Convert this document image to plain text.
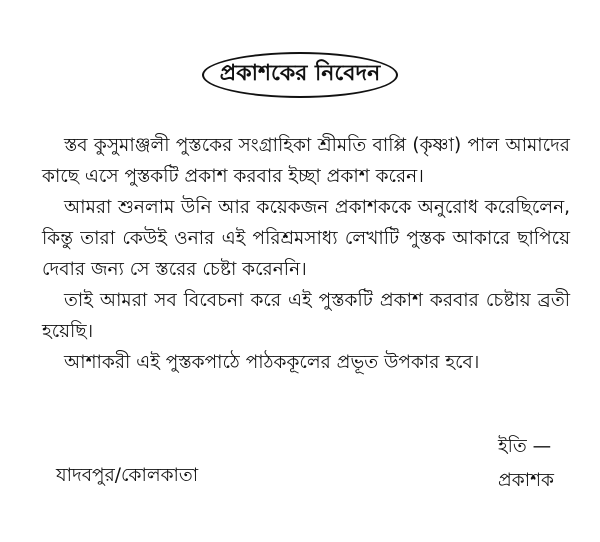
প্রকাশকের নিবেদন

স্তব কুসুমাঞ্জলী পুস্তকের সংগ্রাহিকা শ্রীমতি বাপ্পি (কৃষ্ণা) পাল আমাদের কাছে এসে পুস্তকটি প্রকাশ করবার ইচ্ছা প্রকাশ করেন।

আমরা শুনলাম উনি আর কয়েকজন প্রকাশককে অনুরোধ করেছিলেন, কিন্তু তারা কেউই ওনার এই পরিশ্রমসাধ্য লেখাটি পুস্তক আকারে ছাপিয়ে দেবার জন্য সে স্তরের চেষ্টা করেননি।

তাই আমরা সব বিবেচনা করে এই পুস্তকটি প্রকাশ করবার চেষ্টায় ব্রতী হয়েছি।

আশাকরী এই পুস্তকপাঠে পাঠককূলের প্রভূত উপকার হবে।

ইতি —
প্রকাশক
যাদবপুর/কোলকাতা
